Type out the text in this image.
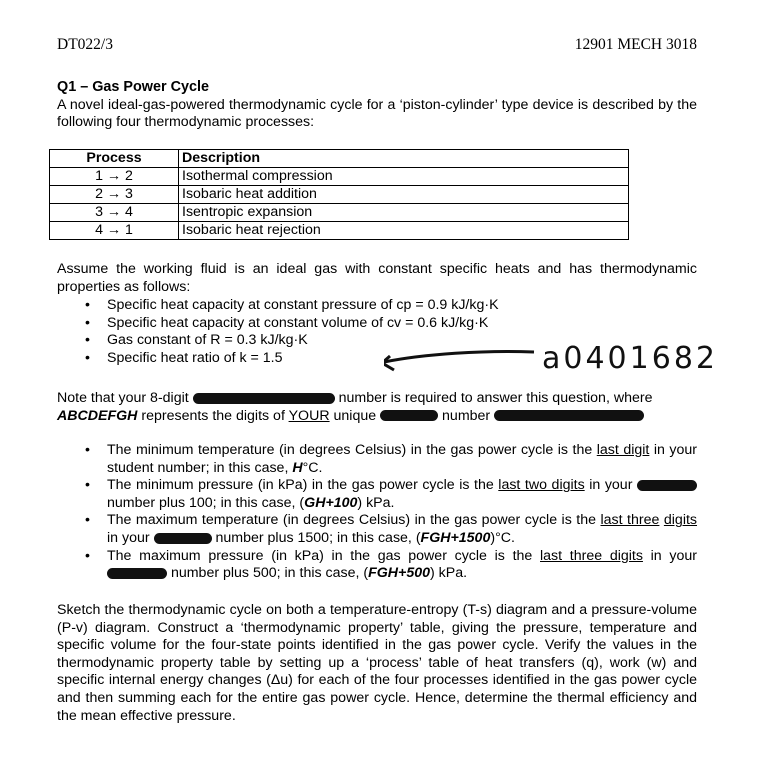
DT022/3	12901 MECH 3018
Q1 – Gas Power Cycle
A novel ideal-gas-powered thermodynamic cycle for a ‘piston-cylinder’ type device is described by the following four thermodynamic processes:
Process	Description
1 → 2	Isothermal compression
2 → 3	Isobaric heat addition
3 → 4	Isentropic expansion
4 → 1	Isobaric heat rejection
Assume the working fluid is an ideal gas with constant specific heats and has thermodynamic properties as follows:
• Specific heat capacity at constant pressure of cp = 0.9 kJ/kg·K
• Specific heat capacity at constant volume of cv = 0.6 kJ/kg·K
• Gas constant of R = 0.3 kJ/kg·K
• Specific heat ratio of k = 1.5	a0401682
Note that your 8-digit	number is required to answer this question, where
ABCDEFGH represents the digits of YOUR unique	number
• The minimum temperature (in degrees Celsius) in the gas power cycle is the last digit in your student number; in this case, H°C.
• The minimum pressure (in kPa) in the gas power cycle is the last two digits in your  number plus 100; in this case, (GH+100) kPa.
• The maximum temperature (in degrees Celsius) in the gas power cycle is the last three digits in your	number plus 1500; in this case, (FGH+1500)°C.
• The maximum pressure (in kPa) in the gas power cycle is the last three digits in your  number plus 500; in this case, (FGH+500) kPa.
Sketch the thermodynamic cycle on both a temperature-entropy (T-s) diagram and a pressure-volume (P-v) diagram. Construct a ‘thermodynamic property’ table, giving the pressure, temperature and specific volume for the four-state points identified in the gas power cycle. Verify the values in the thermodynamic property table by setting up a ‘process’ table of heat transfers (q), work (w) and specific internal energy changes (Δu) for each of the four processes identified in the gas power cycle and then summing each for the entire gas power cycle. Hence, determine the thermal efficiency and the mean effective pressure.
